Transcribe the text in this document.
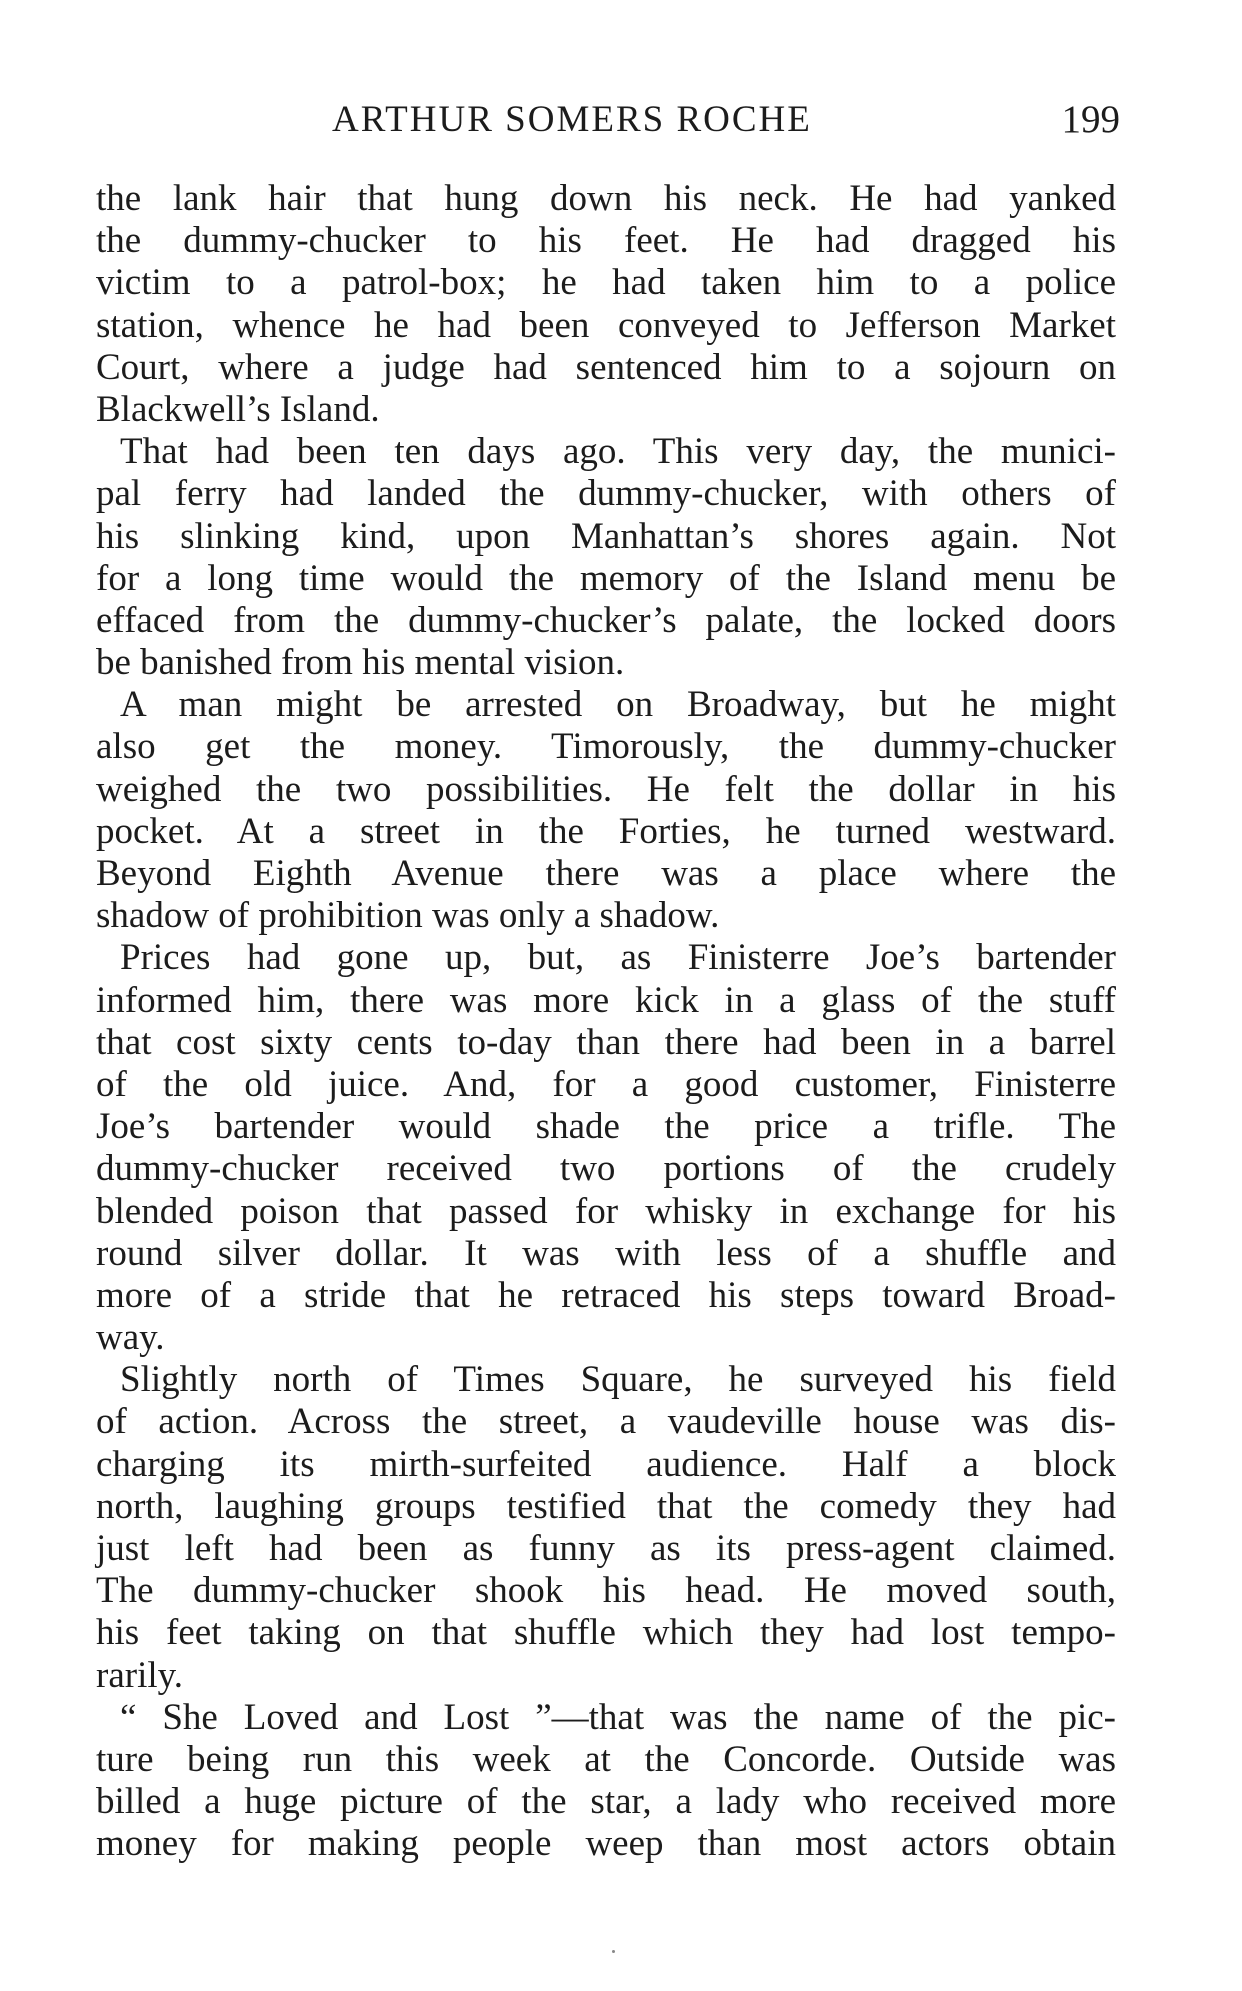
ARTHUR SOMERS ROCHE	199
the lank hair that hung down his neck. He had yanked
the dummy-chucker to his feet. He had dragged his
victim to a patrol-box; he had taken him to a police
station, whence he had been conveyed to Jefferson Market
Court, where a judge had sentenced him to a sojourn on
Blackwell’s Island.
That had been ten days ago. This very day, the munici-
pal ferry had landed the dummy-chucker, with others of
his slinking kind, upon Manhattan’s shores again. Not
for a long time would the memory of the Island menu be
effaced from the dummy-chucker’s palate, the locked doors
be banished from his mental vision.
A man might be arrested on Broadway, but he might
also get the money. Timorously, the dummy-chucker
weighed the two possibilities. He felt the dollar in his
pocket. At a street in the Forties, he turned westward.
Beyond Eighth Avenue there was a place where the
shadow of prohibition was only a shadow.
Prices had gone up, but, as Finisterre Joe’s bartender
informed him, there was more kick in a glass of the stuff
that cost sixty cents to-day than there had been in a barrel
of the old juice. And, for a good customer, Finisterre
Joe’s bartender would shade the price a trifle. The
dummy-chucker received two portions of the crudely
blended poison that passed for whisky in exchange for his
round silver dollar. It was with less of a shuffle and
more of a stride that he retraced his steps toward Broad-
way.
Slightly north of Times Square, he surveyed his field
of action. Across the street, a vaudeville house was dis-
charging its mirth-surfeited audience. Half a block
north, laughing groups testified that the comedy they had
just left had been as funny as its press-agent claimed.
The dummy-chucker shook his head. He moved south,
his feet taking on that shuffle which they had lost tempo-
rarily.
“ She Loved and Lost ”—that was the name of the pic-
ture being run this week at the Concorde. Outside was
billed a huge picture of the star, a lady who received more
money for making people weep than most actors obtain
